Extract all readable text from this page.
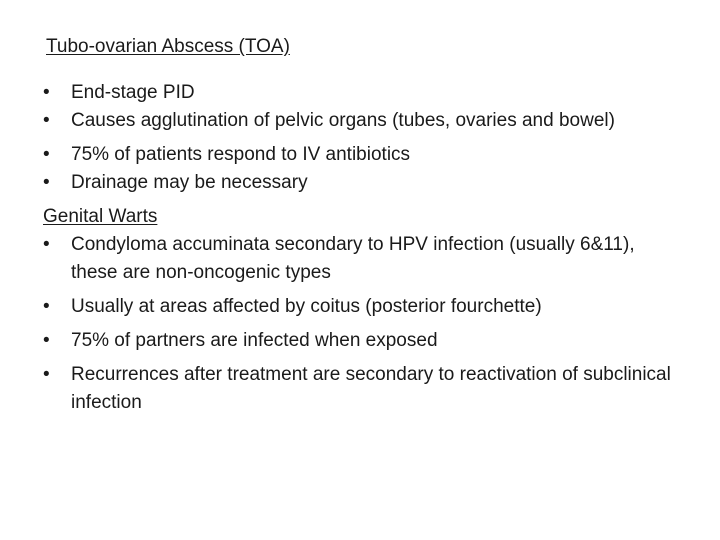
Tubo-ovarian Abscess (TOA)
•	End-stage PID
•	Causes agglutination of pelvic organs (tubes, ovaries and bowel)
•	75% of patients respond to IV antibiotics
•	Drainage may be necessary
Genital Warts
•	Condyloma accuminata secondary to HPV infection (usually 6&11), these are non-oncogenic types
•	Usually at areas affected by coitus (posterior fourchette)
•	75% of partners are infected when exposed
•	Recurrences after treatment are secondary to reactivation of subclinical infection
